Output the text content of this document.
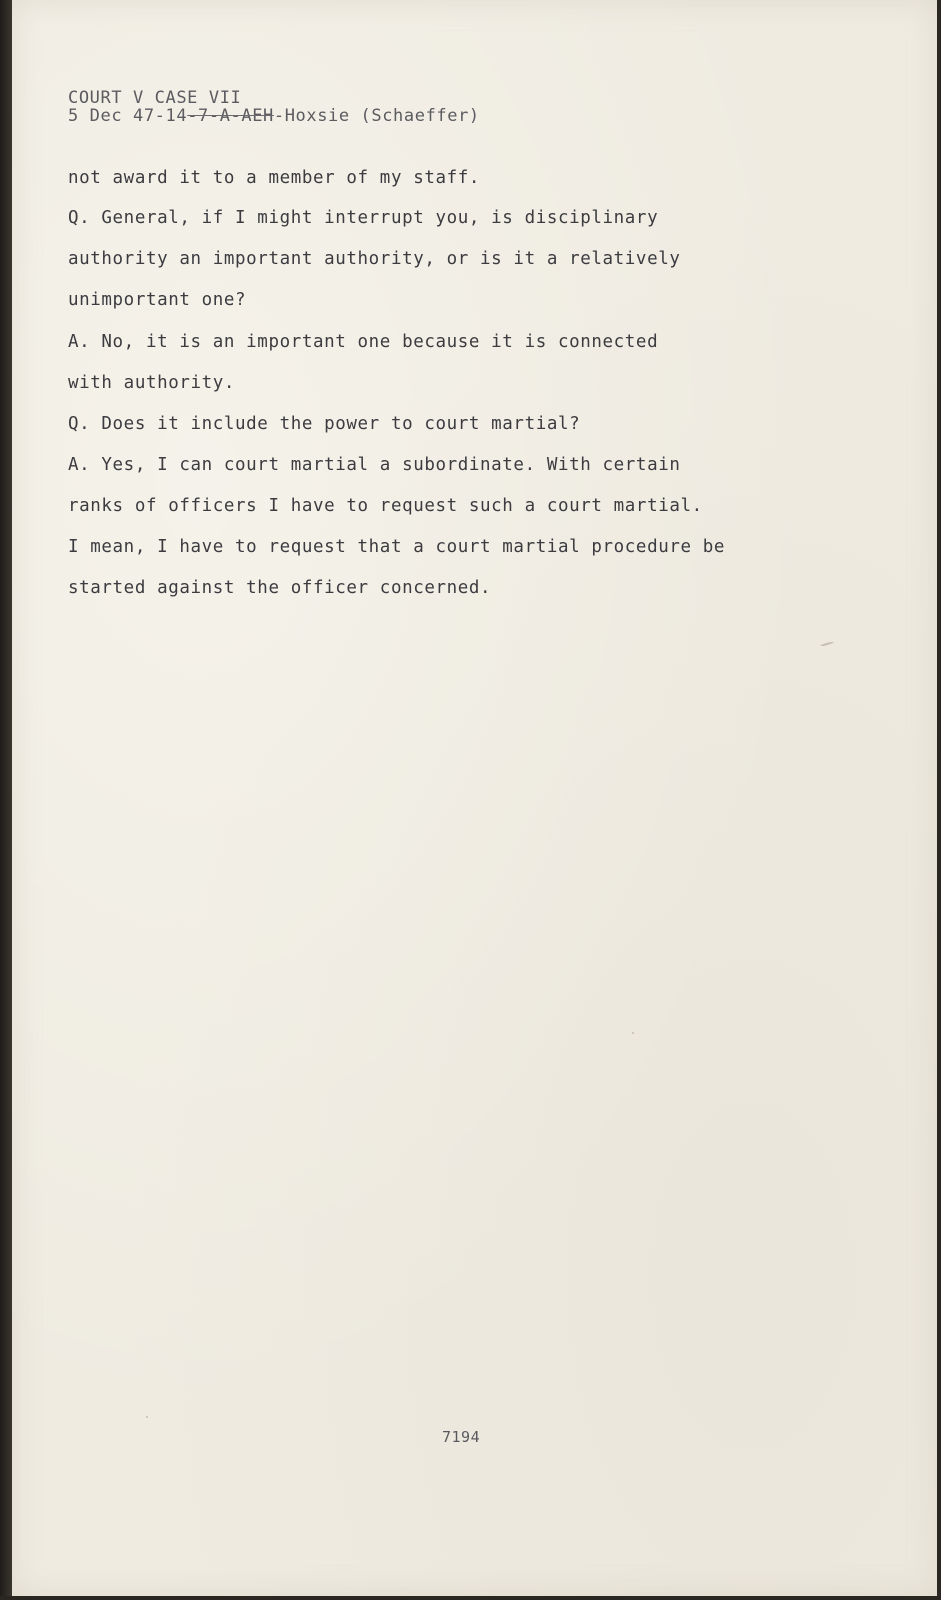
COURT V CASE VII
5 Dec 47-14-7-A-AEH-Hoxsie (Schaeffer)
not award it to a member of my staff.
Q. General, if I might interrupt you, is disciplinary
authority an important authority, or is it a relatively
unimportant one?
A. No, it is an important one because it is connected
with authority.
Q. Does it include the power to court martial?
A. Yes, I can court martial a subordinate. With certain
ranks of officers I have to request such a court martial.
I mean, I have to request that a court martial procedure be
started against the officer concerned.
7194
